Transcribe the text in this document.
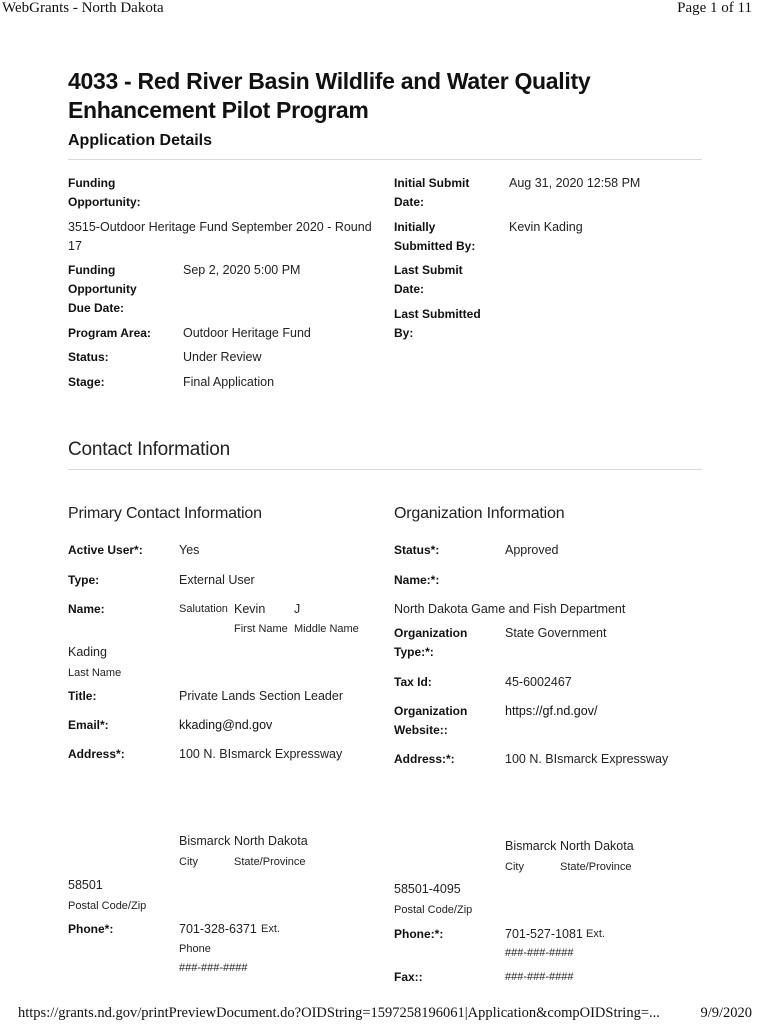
WebGrants - North Dakota	Page 1 of 11
4033 - Red River Basin Wildlife and Water Quality
Enhancement Pilot Program
Application Details
Funding
Opportunity:
3515-Outdoor Heritage Fund September 2020 - Round
17
Funding
Opportunity
Due Date:
Sep 2, 2020 5:00 PM
Program Area:	Outdoor Heritage Fund
Status:	Under Review
Stage:	Final Application
Initial Submit
Date:
Aug 31, 2020 12:58 PM
Initially
Submitted By:
Kevin Kading
Last Submit
Date:
Last Submitted
By:
Contact Information
Primary Contact Information	Organization Information
Active User*:	Yes
Type:	External User
Name:	Salutation Kevin J
First Name Middle Name
Kading
Last Name
Title:	Private Lands Section Leader
Email*:	kkading@nd.gov
Address*:	100 N. BIsmarck Expressway
Bismarck North Dakota
City	State/Province
58501
Postal Code/Zip
Phone*:	701-328-6371 Ext.
Phone
###-###-####
Status*:	Approved
Name:*:
North Dakota Game and Fish Department
Organization
Type:*:
State Government
Tax Id:	45-6002467
Organization
Website::
https://gf.nd.gov/
Address:*:	100 N. BIsmarck Expressway
Bismarck North Dakota
City	State/Province
58501-4095
Postal Code/Zip
Phone:*:	701-527-1081 Ext.
###-###-####
Fax::	###-###-####
https://grants.nd.gov/printPreviewDocument.do?OIDString=1597258196061|Application&compOIDString=...	9/9/2020
